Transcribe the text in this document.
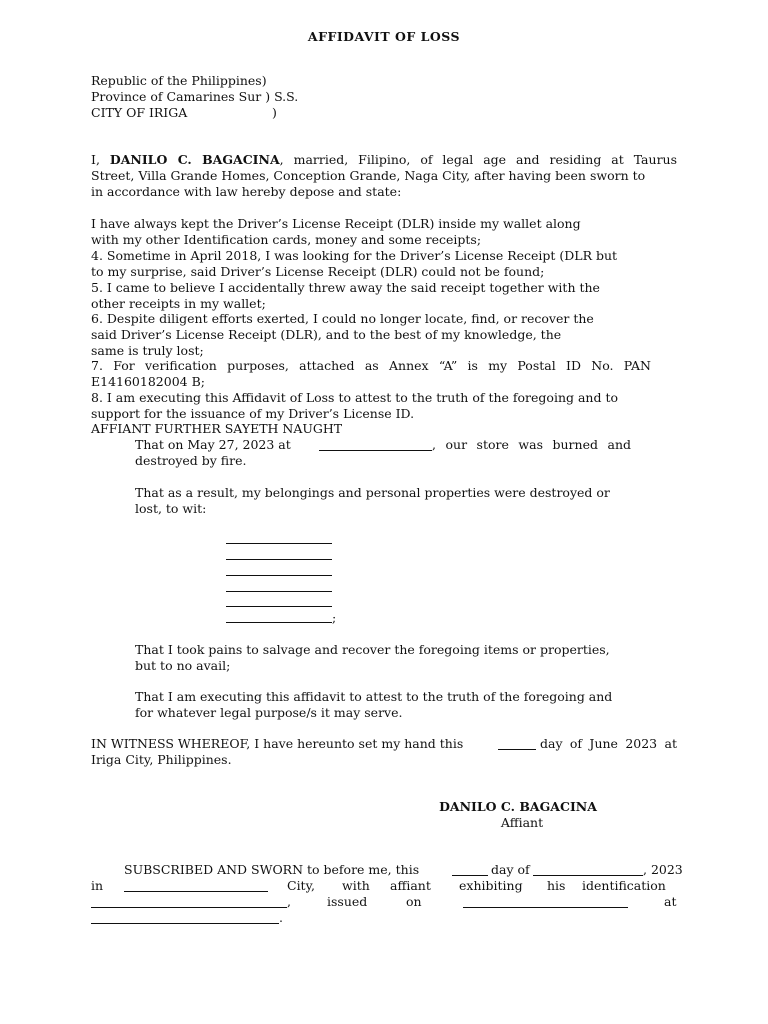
AFFIDAVIT OF LOSS
Republic of the Philippines)
Province of Camarines Sur ) S.S.
CITY OF IRIGA	)
I, DANILO C. BAGACINA, married, Filipino, of legal age and residing at Taurus
Street, Villa Grande Homes, Conception Grande, Naga City, after having been sworn to
in accordance with law hereby depose and state:
I have always kept the Driver’s License Receipt (DLR) inside my wallet along
with my other Identification cards, money and some receipts;
4. Sometime in April 2018, I was looking for the Driver’s License Receipt (DLR but
to my surprise, said Driver’s License Receipt (DLR) could not be found;
5. I came to believe I accidentally threw away the said receipt together with the
other receipts in my wallet;
6. Despite diligent efforts exerted, I could no longer locate, find, or recover the
said Driver’s License Receipt (DLR), and to the best of my knowledge, the
same is truly lost;
7. For verification purposes, attached as Annex “A” is my Postal ID No. PAN
E14160182004 B;
8. I am executing this Affidavit of Loss to attest to the truth of the foregoing and to
support for the issuance of my Driver’s License ID.
AFFIANT FURTHER SAYETH NAUGHT
That on May 27, 2023 at	, our store was burned and
destroyed by fire.
That as a result, my belongings and personal properties were destroyed or
lost, to wit:
;
That I took pains to salvage and recover the foregoing items or properties,
but to no avail;
That I am executing this affidavit to attest to the truth of the foregoing and
for whatever legal purpose/s it may serve.
IN WITNESS WHEREOF, I have hereunto set my hand this	day of June 2023 at
Iriga City, Philippines.
DANILO C. BAGACINA
Affiant
SUBSCRIBED AND SWORN to before me, this	day of	, 2023
in	City, with affiant exhibiting his identification
,	issued	on	at
.
